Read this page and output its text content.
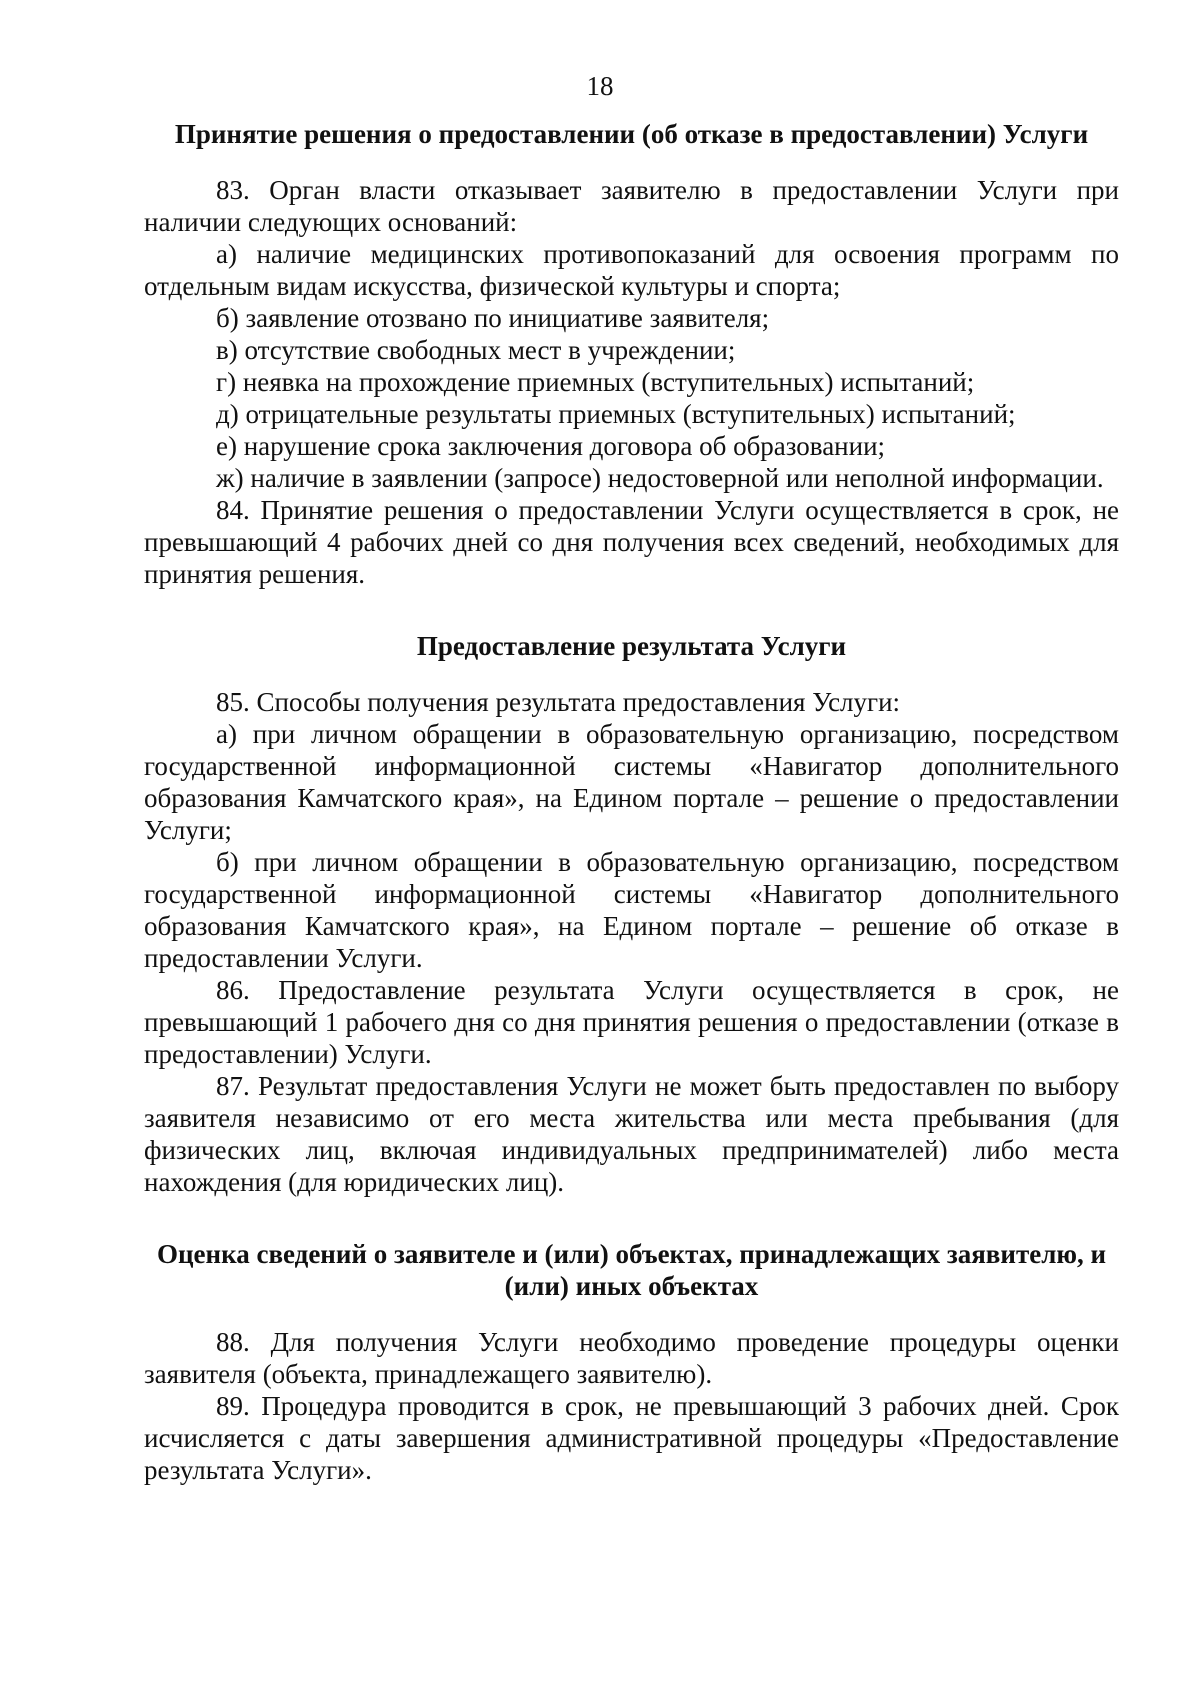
18
Принятие решения о предоставлении (об отказе в предоставлении) Услуги

83. Орган власти отказывает заявителю в предоставлении Услуги при наличии следующих оснований:

а) наличие медицинских противопоказаний для освоения программ по отдельным видам искусства, физической культуры и спорта;

б) заявление отозвано по инициативе заявителя;

в) отсутствие свободных мест в учреждении;

г) неявка на прохождение приемных (вступительных) испытаний;

д) отрицательные результаты приемных (вступительных) испытаний;

е) нарушение срока заключения договора об образовании;

ж) наличие в заявлении (запросе) недостоверной или неполной информации.

84. Принятие решения о предоставлении Услуги осуществляется в срок, не превышающий 4 рабочих дней со дня получения всех сведений, необходимых для принятия решения.

Предоставление результата Услуги

85. Способы получения результата предоставления Услуги:

а) при личном обращении в образовательную организацию, посредством государственной информационной системы «Навигатор дополнительного образования Камчатского края», на Едином портале – решение о предоставлении Услуги;

б) при личном обращении в образовательную организацию, посредством государственной информационной системы «Навигатор дополнительного образования Камчатского края», на Едином портале – решение об отказе в предоставлении Услуги.

86. Предоставление результата Услуги осуществляется в срок, не превышающий 1 рабочего дня со дня принятия решения о предоставлении (отказе в предоставлении) Услуги.

87. Результат предоставления Услуги не может быть предоставлен по выбору заявителя независимо от его места жительства или места пребывания (для физических лиц, включая индивидуальных предпринимателей) либо места нахождения (для юридических лиц).

Оценка сведений о заявителе и (или) объектах, принадлежащих заявителю, и (или) иных объектах

88. Для получения Услуги необходимо проведение процедуры оценки заявителя (объекта, принадлежащего заявителю).

89. Процедура проводится в срок, не превышающий 3 рабочих дней. Срок исчисляется с даты завершения административной процедуры «Предоставление результата Услуги».
